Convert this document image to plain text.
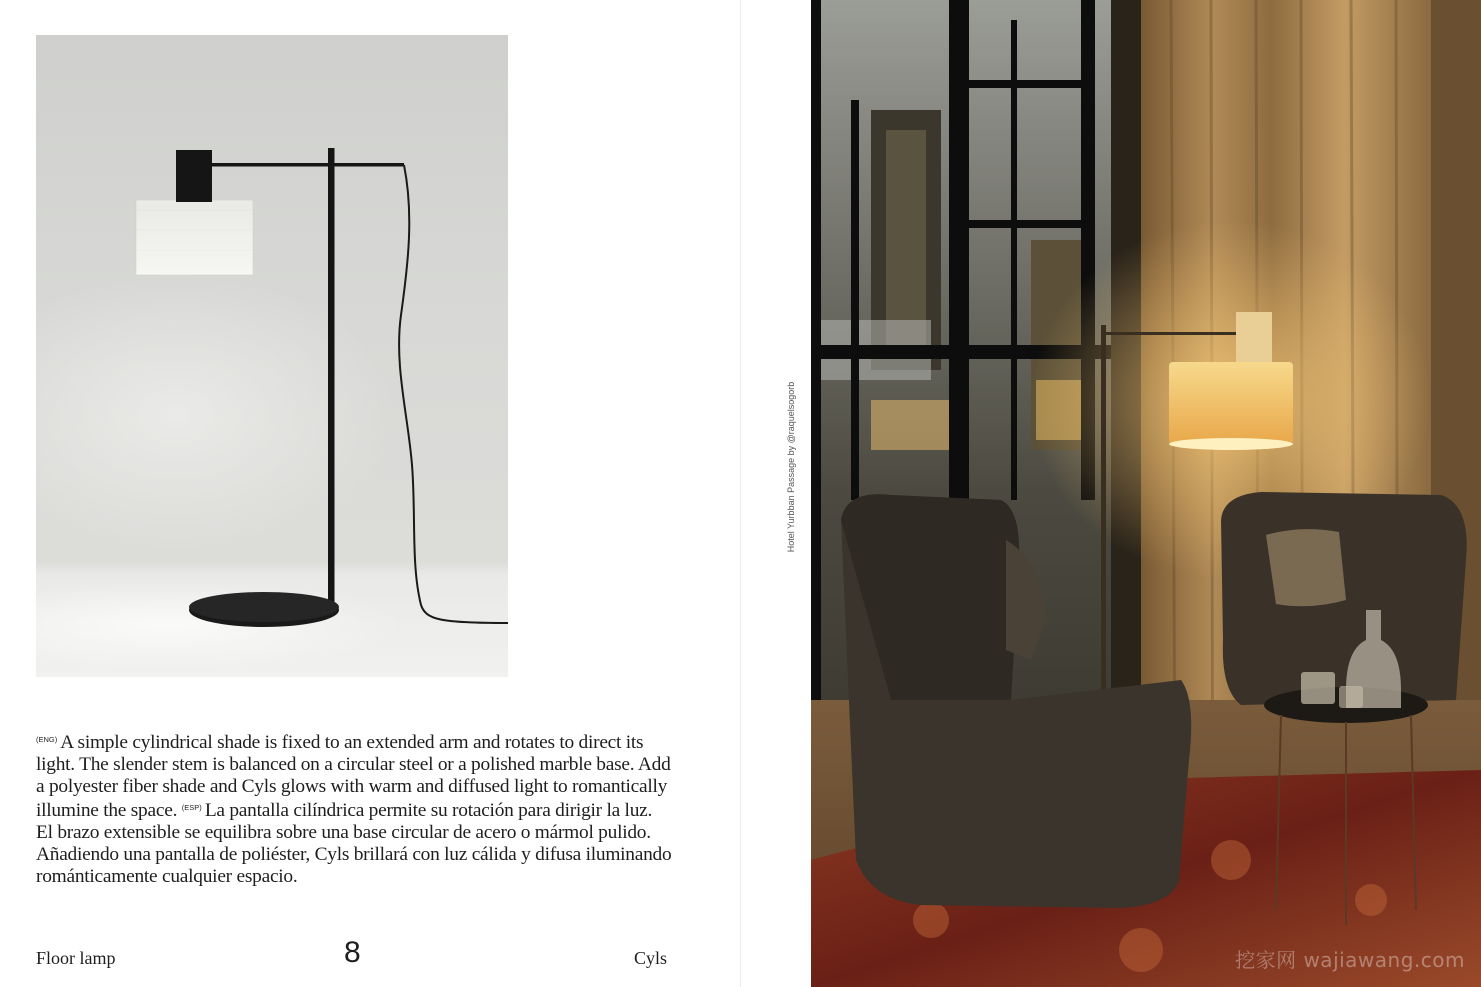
$^{(ENG)}$ A simple cylindrical shade is fixed to an extended arm and rotates to direct its light. The slender stem is balanced on a circular steel or a polished marble base. Add a polyester fiber shade and Cyls glows with warm and diffused light to romantically illumine the space. $^{(ESP)}$ La pantalla cilíndrica permite su rotación para dirigir la luz. El brazo extensible se equilibra sobre una base circular de acero o mármol pulido. Añadiendo una pantalla de poliéster, Cyls brillará con luz cálida y difusa iluminando románticamente cualquier espacio.
Floor lamp	8	Cyls
Hotel Yurbban Passage by @raquelsogorb
挖家网 wajiawang.com
